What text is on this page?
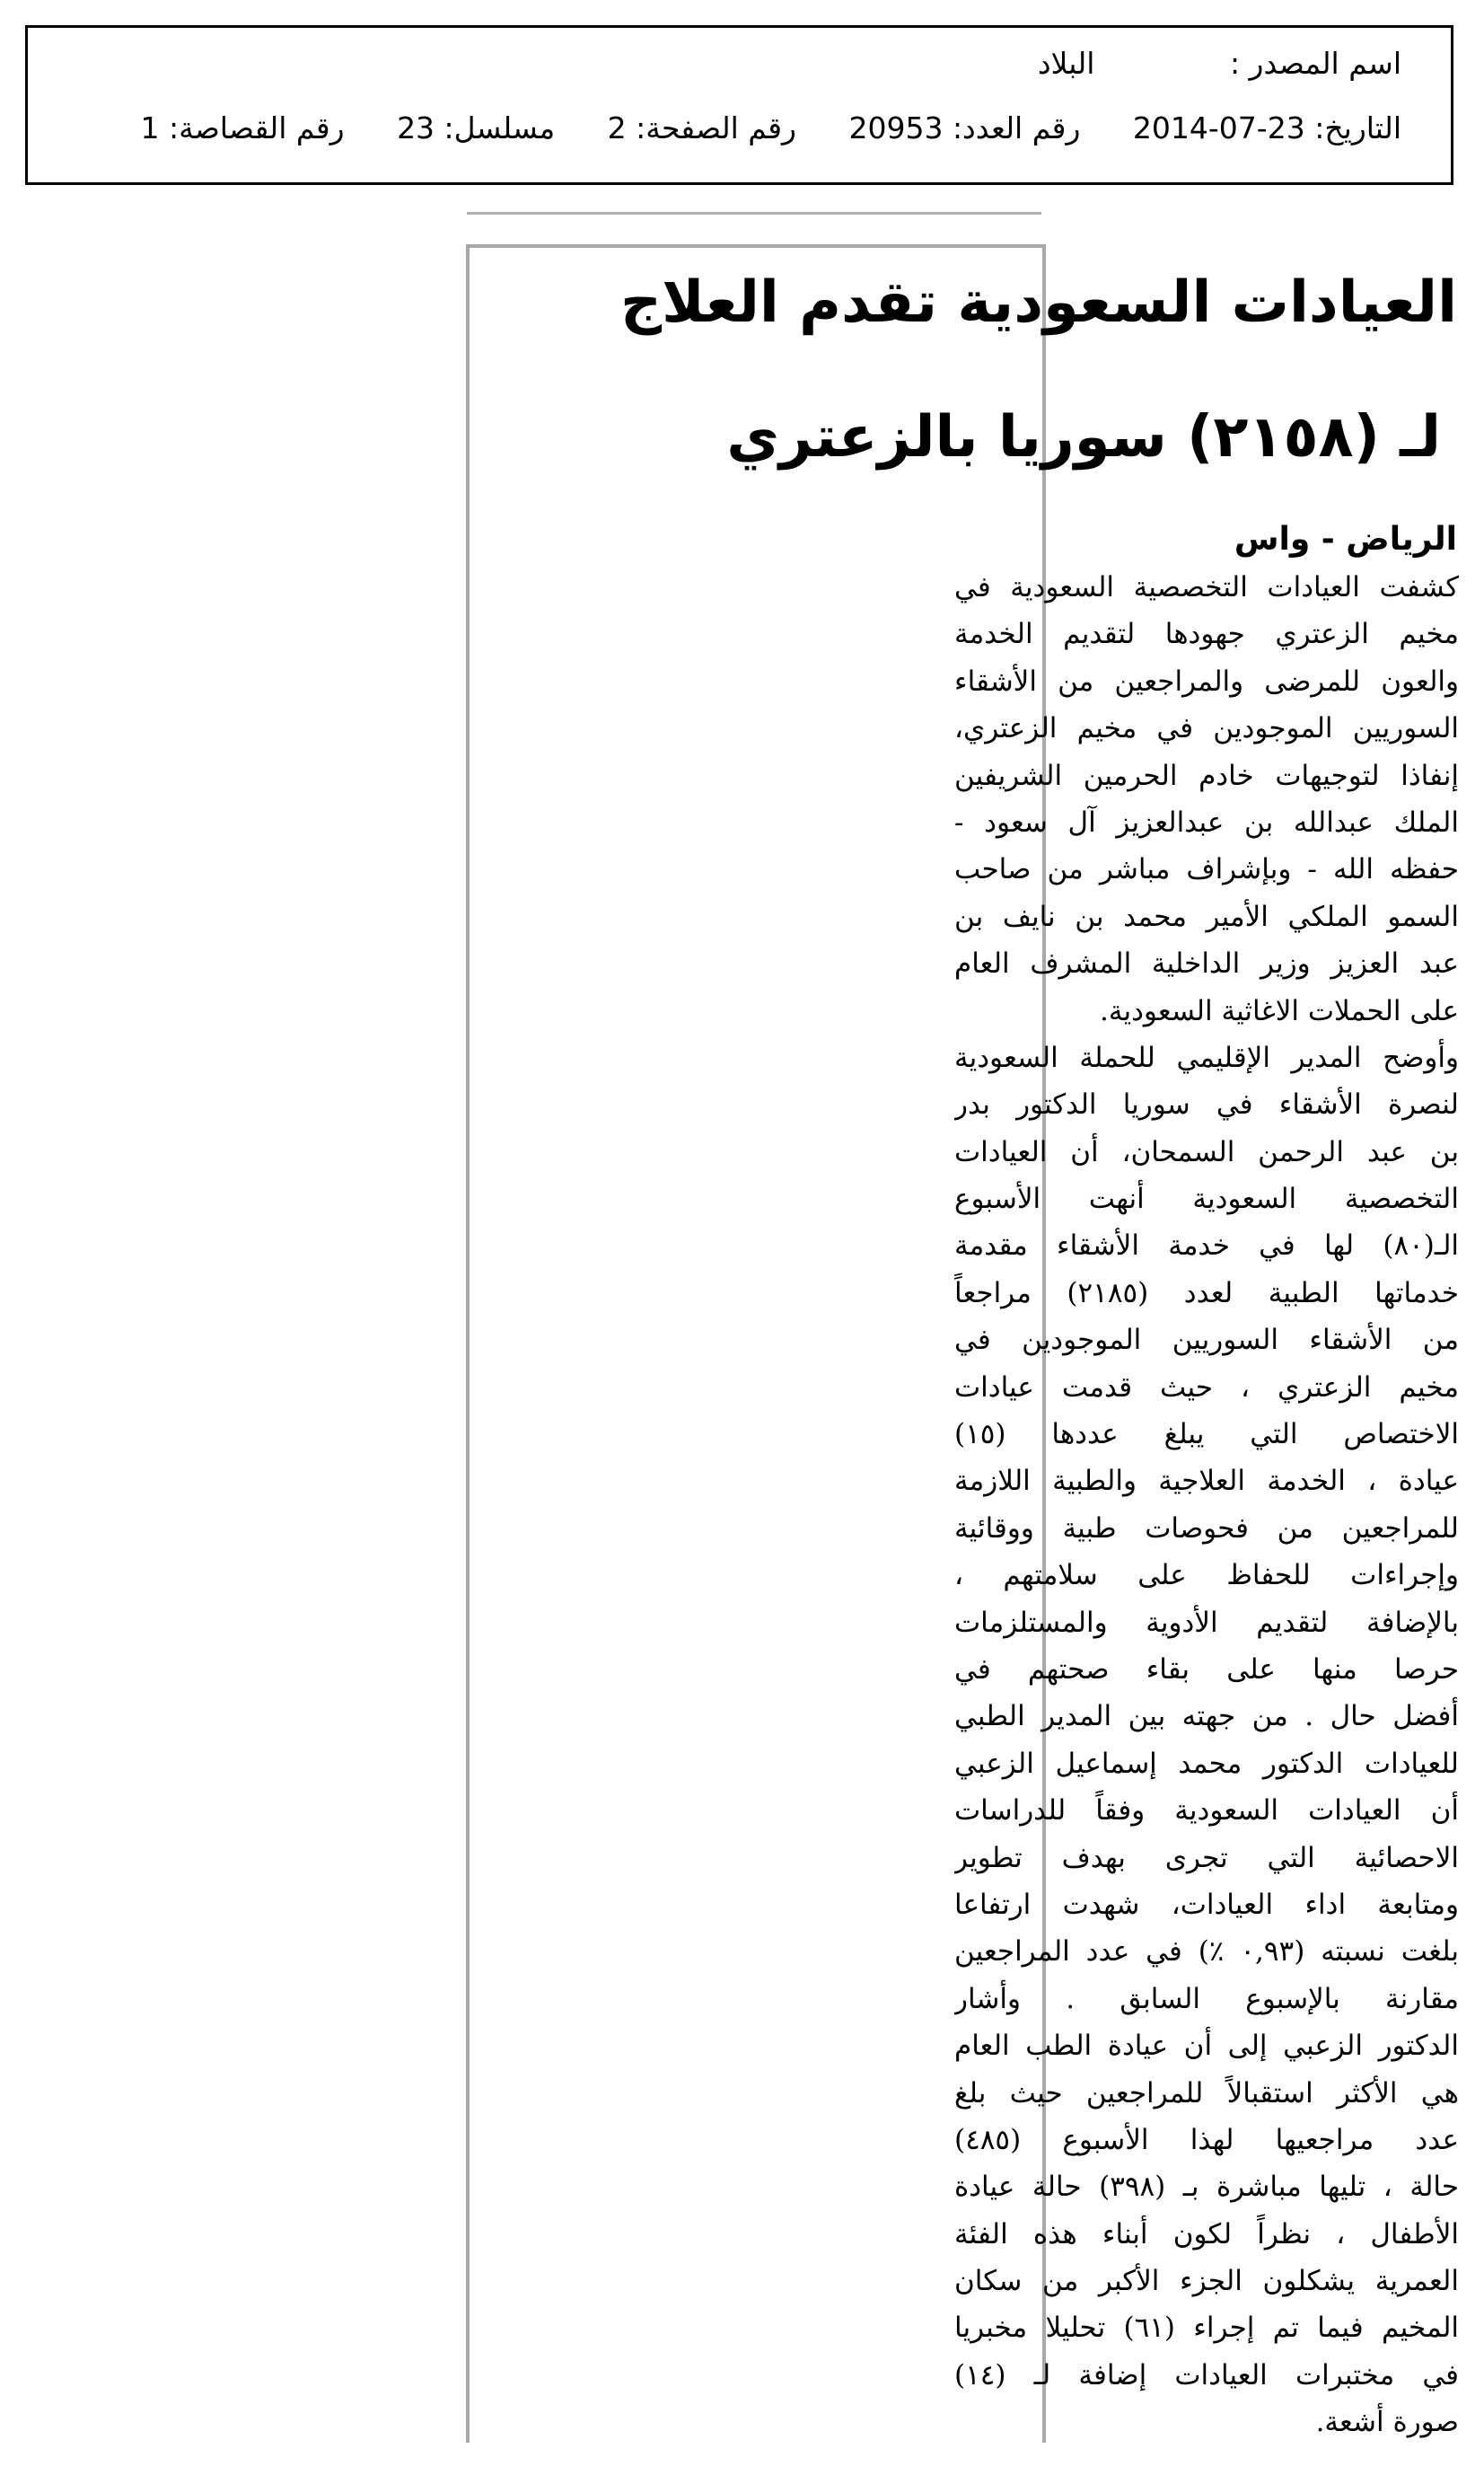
اسم المصدر : البلاد
التاريخ: 23-07-2014 رقم العدد: 20953 رقم الصفحة: 2 مسلسل: 23 رقم القصاصة: 1
العيادات السعودية تقدم العلاج
لـ (٢١٥٨) سوريا بالزعتري
الرياض - واس
كشفت العيادات التخصصية السعودية في
مخيم الزعتري جهودها لتقديم الخدمة
والعون للمرضى والمراجعين من الأشقاء
السوريين الموجودين في مخيم الزعتري،
إنفاذا لتوجيهات خادم الحرمين الشريفين
الملك عبدالله بن عبدالعزيز آل سعود -
حفظه الله - وبإشراف مباشر من صاحب
السمو الملكي الأمير محمد بن نايف بن
عبد العزيز وزير الداخلية المشرف العام
على الحملات الاغاثية السعودية.
وأوضح المدير الإقليمي للحملة السعودية
لنصرة الأشقاء في سوريا الدكتور بدر
بن عبد الرحمن السمحان، أن العيادات
التخصصية السعودية أنهت الأسبوع
الـ(٨٠) لها في خدمة الأشقاء مقدمة
خدماتها الطبية لعدد (٢١٨٥) مراجعاً
من الأشقاء السوريين الموجودين في
مخيم الزعتري ، حيث قدمت عيادات
الاختصاص التي يبلغ عددها (١٥)
عيادة ، الخدمة العلاجية والطبية اللازمة
للمراجعين من فحوصات طبية ووقائية
وإجراءات للحفاظ على سلامتهم ،
بالإضافة لتقديم الأدوية والمستلزمات
حرصا منها على بقاء صحتهم في
أفضل حال . من جهته بين المدير الطبي
للعيادات الدكتور محمد إسماعيل الزعبي
أن العيادات السعودية وفقاً للدراسات
الاحصائية التي تجرى بهدف تطوير
ومتابعة اداء العيادات، شهدت ارتفاعا
بلغت نسبته (٠,٩٣ ٪) في عدد المراجعين
مقارنة بالإسبوع السابق . وأشار
الدكتور الزعبي إلى أن عيادة الطب العام
هي الأكثر استقبالاً للمراجعين حيث بلغ
عدد مراجعيها لهذا الأسبوع (٤٨٥)
حالة ، تليها مباشرة بـ (٣٩٨) حالة عيادة
الأطفال ، نظراً لكون أبناء هذه الفئة
العمرية يشكلون الجزء الأكبر من سكان
المخيم فيما تم إجراء (٦١) تحليلا مخبريا
في مختبرات العيادات إضافة لـ (١٤)
صورة أشعة.
